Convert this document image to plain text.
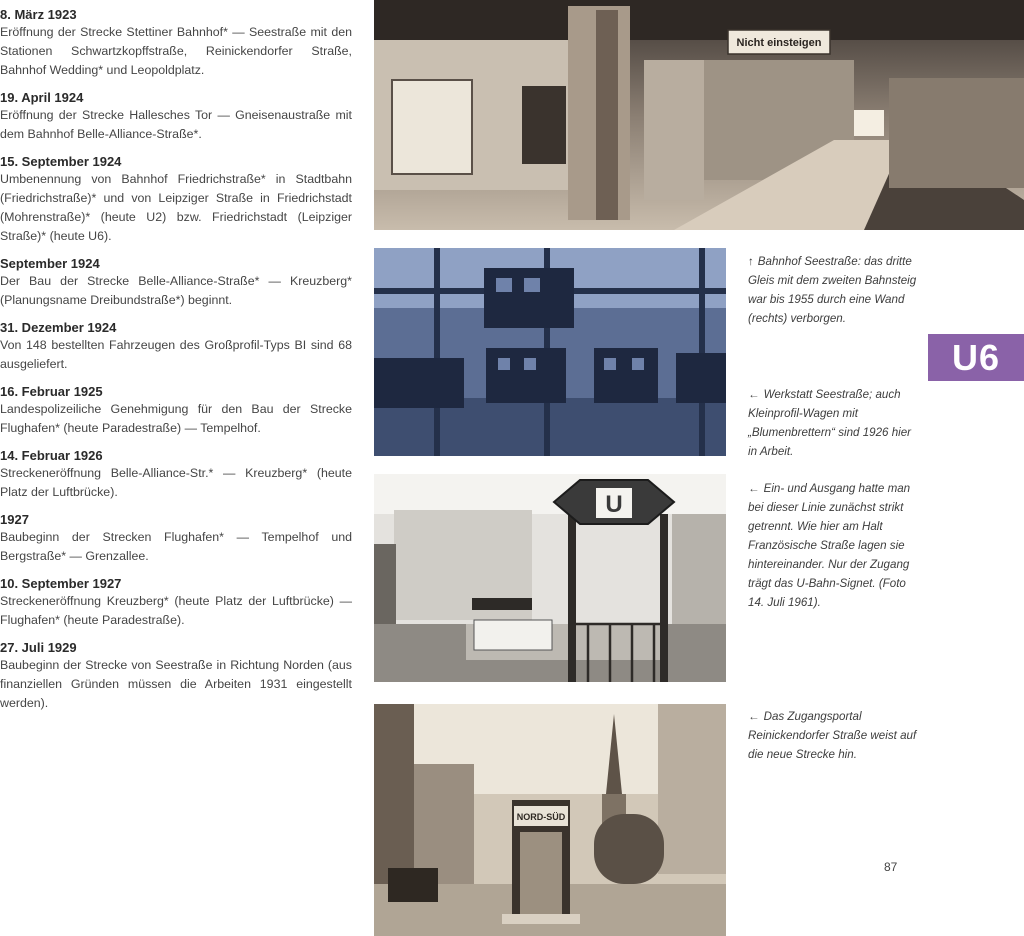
8. März 1923
Eröffnung der Strecke Stettiner Bahnhof* — Seestraße mit den Stationen Schwartzkopffstraße, Reinickendorfer Straße, Bahnhof Wedding* und Leopoldplatz.
19. April 1924
Eröffnung der Strecke Hallesches Tor — Gneisenaustraße mit dem Bahnhof Belle-Alliance-Straße*.
15. September 1924
Umbenennung von Bahnhof Friedrichstraße* in Stadtbahn (Friedrichstraße)* und von Leipziger Straße in Friedrichstadt (Mohrenstraße)* (heute U2) bzw. Friedrichstadt (Leipziger Straße)* (heute U6).
September 1924
Der Bau der Strecke Belle-Alliance-Straße* — Kreuzberg* (Planungsname Dreibundstraße*) beginnt.
31. Dezember 1924
Von 148 bestellten Fahrzeugen des Großprofil-Typs BI sind 68 ausgeliefert.
16. Februar 1925
Landespolizeiliche Genehmigung für den Bau der Strecke Flughafen* (heute Paradestraße) — Tempelhof.
14. Februar 1926
Streckeneröffnung Belle-Alliance-Str.* — Kreuzberg* (heute Platz der Luftbrücke).
1927
Baubeginn der Strecken Flughafen* — Tempelhof und Bergstraße* — Grenzallee.
10. September 1927
Streckeneröffnung Kreuzberg* (heute Platz der Luftbrücke) — Flughafen* (heute Paradestraße).
27. Juli 1929
Baubeginn der Strecke von Seestraße in Richtung Norden (aus finanziellen Gründen müssen die Arbeiten 1931 eingestellt werden).
Nicht einsteigen
U
NORD-SÜD
↑ Bahnhof Seestraße: das dritte Gleis mit dem zweiten Bahnsteig war bis 1955 durch eine Wand (rechts) verborgen.
← Werkstatt Seestraße; auch Kleinprofil-Wagen mit „Blumenbrettern“ sind 1926 hier in Arbeit.
← Ein- und Ausgang hatte man bei dieser Linie zunächst strikt getrennt. Wie hier am Halt Französische Straße lagen sie hintereinander. Nur der Zugang trägt das U-Bahn-Signet. (Foto 14. Juli 1961).
← Das Zugangsportal Reinickendorfer Straße weist auf die neue Strecke hin.
U6
87
